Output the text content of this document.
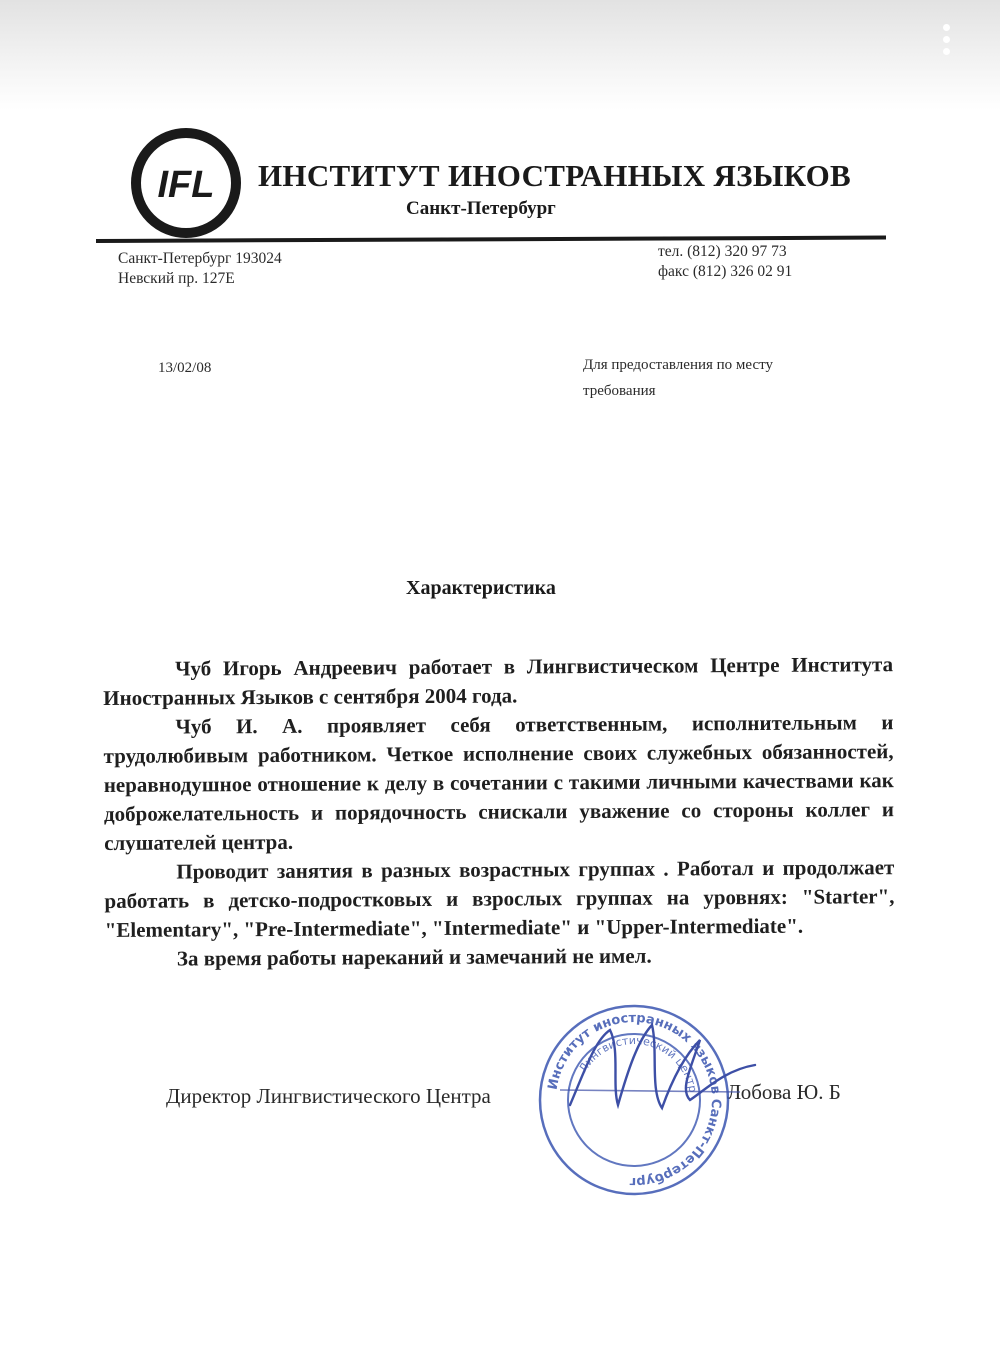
IFL ИНСТИТУТ ИНОСТРАННЫХ ЯЗЫКОВ
Санкт-Петербург
Санкт-Петербург 193024
Невский пр. 127Е
тел. (812) 320 97 73
факс (812) 326 02 91
13/02/08	Для предоставления по месту
требования
Характеристика

Чуб Игорь Андреевич работает в Лингвистическом Центре Института Иностранных Языков с сентября 2004 года.

Чуб И. А. проявляет себя ответственным, исполнительным и трудолюбивым работником. Четкое исполнение своих служебных обязанностей, неравнодушное отношение к делу в сочетании с такими личными качествами как доброжелательность и порядочность снискали уважение со стороны коллег и слушателей центра.

Проводит занятия в разных возрастных группах . Работал и продолжает работать в детско-подростковых и взрослых группах на уровнях: "Starter", "Elementary", "Pre-Intermediate", "Intermediate" и "Upper-Intermediate".

За время работы нареканий и замечаний не имел.

Директор Лингвистического Центра	Лобова Ю. Б
Институт иностранных языков Санкт-Петербург
Лингвистический центр
